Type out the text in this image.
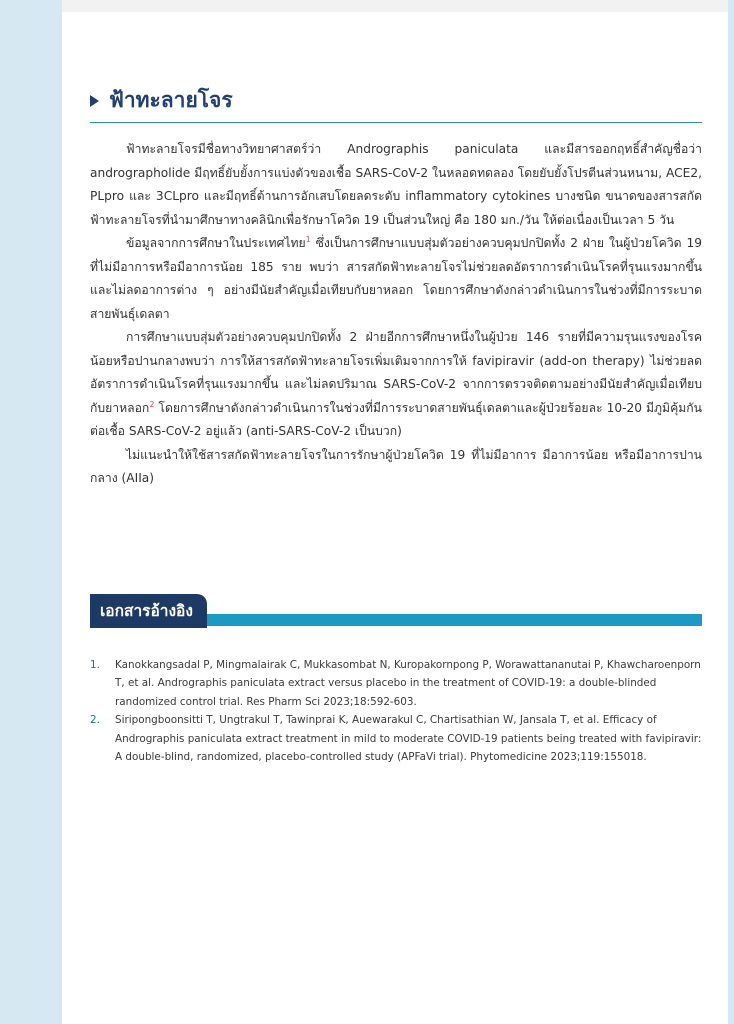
ฟ้าทะลายโจร

ฟ้าทะลายโจรมีชื่อทางวิทยาศาสตร์ว่า Andrographis paniculata และมีสารออกฤทธิ์สำคัญชื่อว่า andrographolide มีฤทธิ์ยับยั้งการแบ่งตัวของเชื้อ SARS-CoV-2 ในหลอดทดลอง โดยยับยั้งโปรตีนส่วนหนาม, ACE2, PLpro และ 3CLpro และมีฤทธิ์ต้านการอักเสบโดยลดระดับ inflammatory cytokines บางชนิด ขนาดของสารสกัดฟ้าทะลายโจรที่นำมาศึกษาทางคลินิกเพื่อรักษาโควิด 19 เป็นส่วนใหญ่ คือ 180 มก./วัน ให้ต่อเนื่องเป็นเวลา 5 วัน

ข้อมูลจากการศึกษาในประเทศไทย$^1$ ซึ่งเป็นการศึกษาแบบสุ่มตัวอย่างควบคุมปกปิดทั้ง 2 ฝ่าย ในผู้ป่วยโควิด 19 ที่ไม่มีอาการหรือมีอาการน้อย 185 ราย พบว่า สารสกัดฟ้าทะลายโจรไม่ช่วยลดอัตราการดำเนินโรคที่รุนแรงมากขึ้น และไม่ลดอาการต่าง ๆ อย่างมีนัยสำคัญเมื่อเทียบกับยาหลอก โดยการศึกษาดังกล่าวดำเนินการในช่วงที่มีการระบาดสายพันธุ์เดลตา

การศึกษาแบบสุ่มตัวอย่างควบคุมปกปิดทั้ง 2 ฝ่ายอีกการศึกษาหนึ่งในผู้ป่วย 146 รายที่มีความรุนแรงของโรคน้อยหรือปานกลางพบว่า การให้สารสกัดฟ้าทะลายโจรเพิ่มเติมจากการให้ favipiravir (add-on therapy) ไม่ช่วยลดอัตราการดำเนินโรคที่รุนแรงมากขึ้น และไม่ลดปริมาณ SARS-CoV-2 จากการตรวจติดตามอย่างมีนัยสำคัญเมื่อเทียบกับยาหลอก$^2$ โดยการศึกษาดังกล่าวดำเนินการในช่วงที่มีการระบาดสายพันธุ์เดลตาและผู้ป่วยร้อยละ 10-20 มีภูมิคุ้มกันต่อเชื้อ SARS-CoV-2 อยู่แล้ว (anti-SARS-CoV-2 เป็นบวก)

ไม่แนะนำให้ใช้สารสกัดฟ้าทะลายโจรในการรักษาผู้ป่วยโควิด 19 ที่ไม่มีอาการ มีอาการน้อย หรือมีอาการปานกลาง (AIIa)

เอกสารอ้างอิง
1.	Kanokkangsadal P, Mingmalairak C, Mukkasombat N, Kuropakornpong P, Worawattananutai P, Khawcharoenporn T, et al. Andrographis paniculata extract versus placebo in the treatment of COVID-19: a double-blinded randomized control trial. Res Pharm Sci 2023;18:592-603.
2.	Siripongboonsitti T, Ungtrakul T, Tawinprai K, Auewarakul C, Chartisathian W, Jansala T, et al. Efficacy of Andrographis paniculata extract treatment in mild to moderate COVID-19 patients being treated with favipiravir: A double-blind, randomized, placebo-controlled study (APFaVi trial). Phytomedicine 2023;119:155018.
